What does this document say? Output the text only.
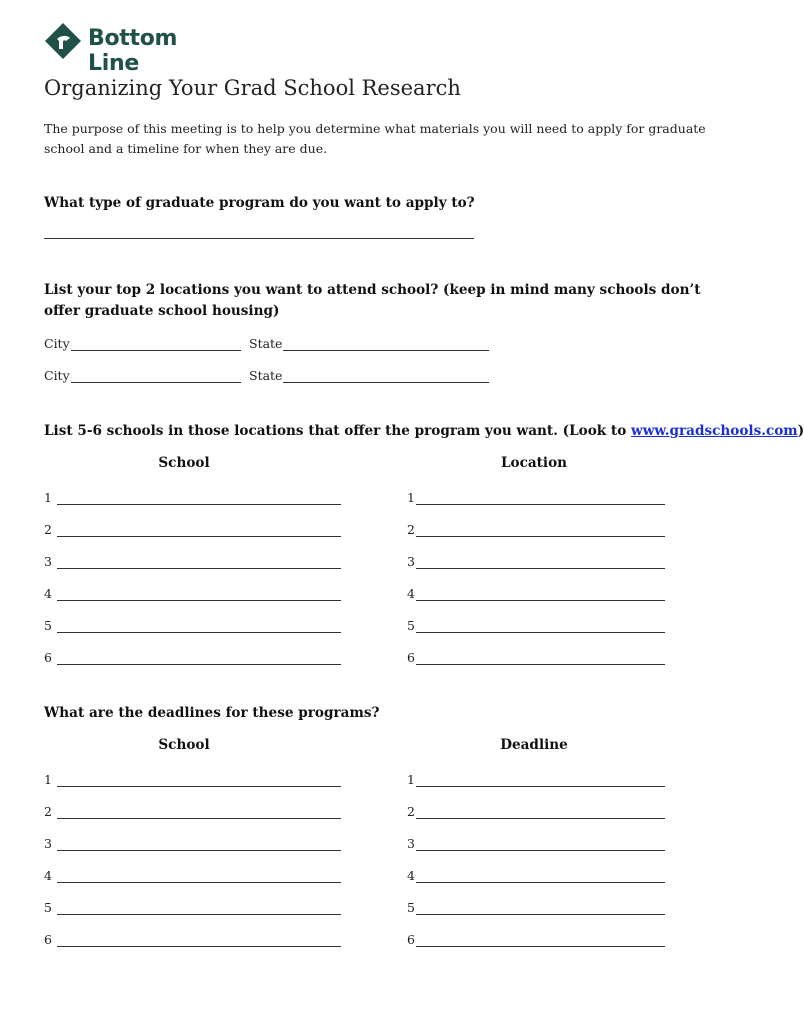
Bottom Line
Organizing Your Grad School Research
The purpose of this meeting is to help you determine what materials you will need to apply for graduate school and a timeline for when they are due.
What type of graduate program do you want to apply to?
List your top 2 locations you want to attend school? (keep in mind many schools don’t offer graduate school housing)
City	State
City	State
List 5-6 schools in those locations that offer the program you want. (Look to www.gradschools.com)
School	Location
1	1
2	2
3	3
4	4
5	5
6	6
What are the deadlines for these programs?
School	Deadline
1	1
2	2
3	3
4	4
5	5
6	6
